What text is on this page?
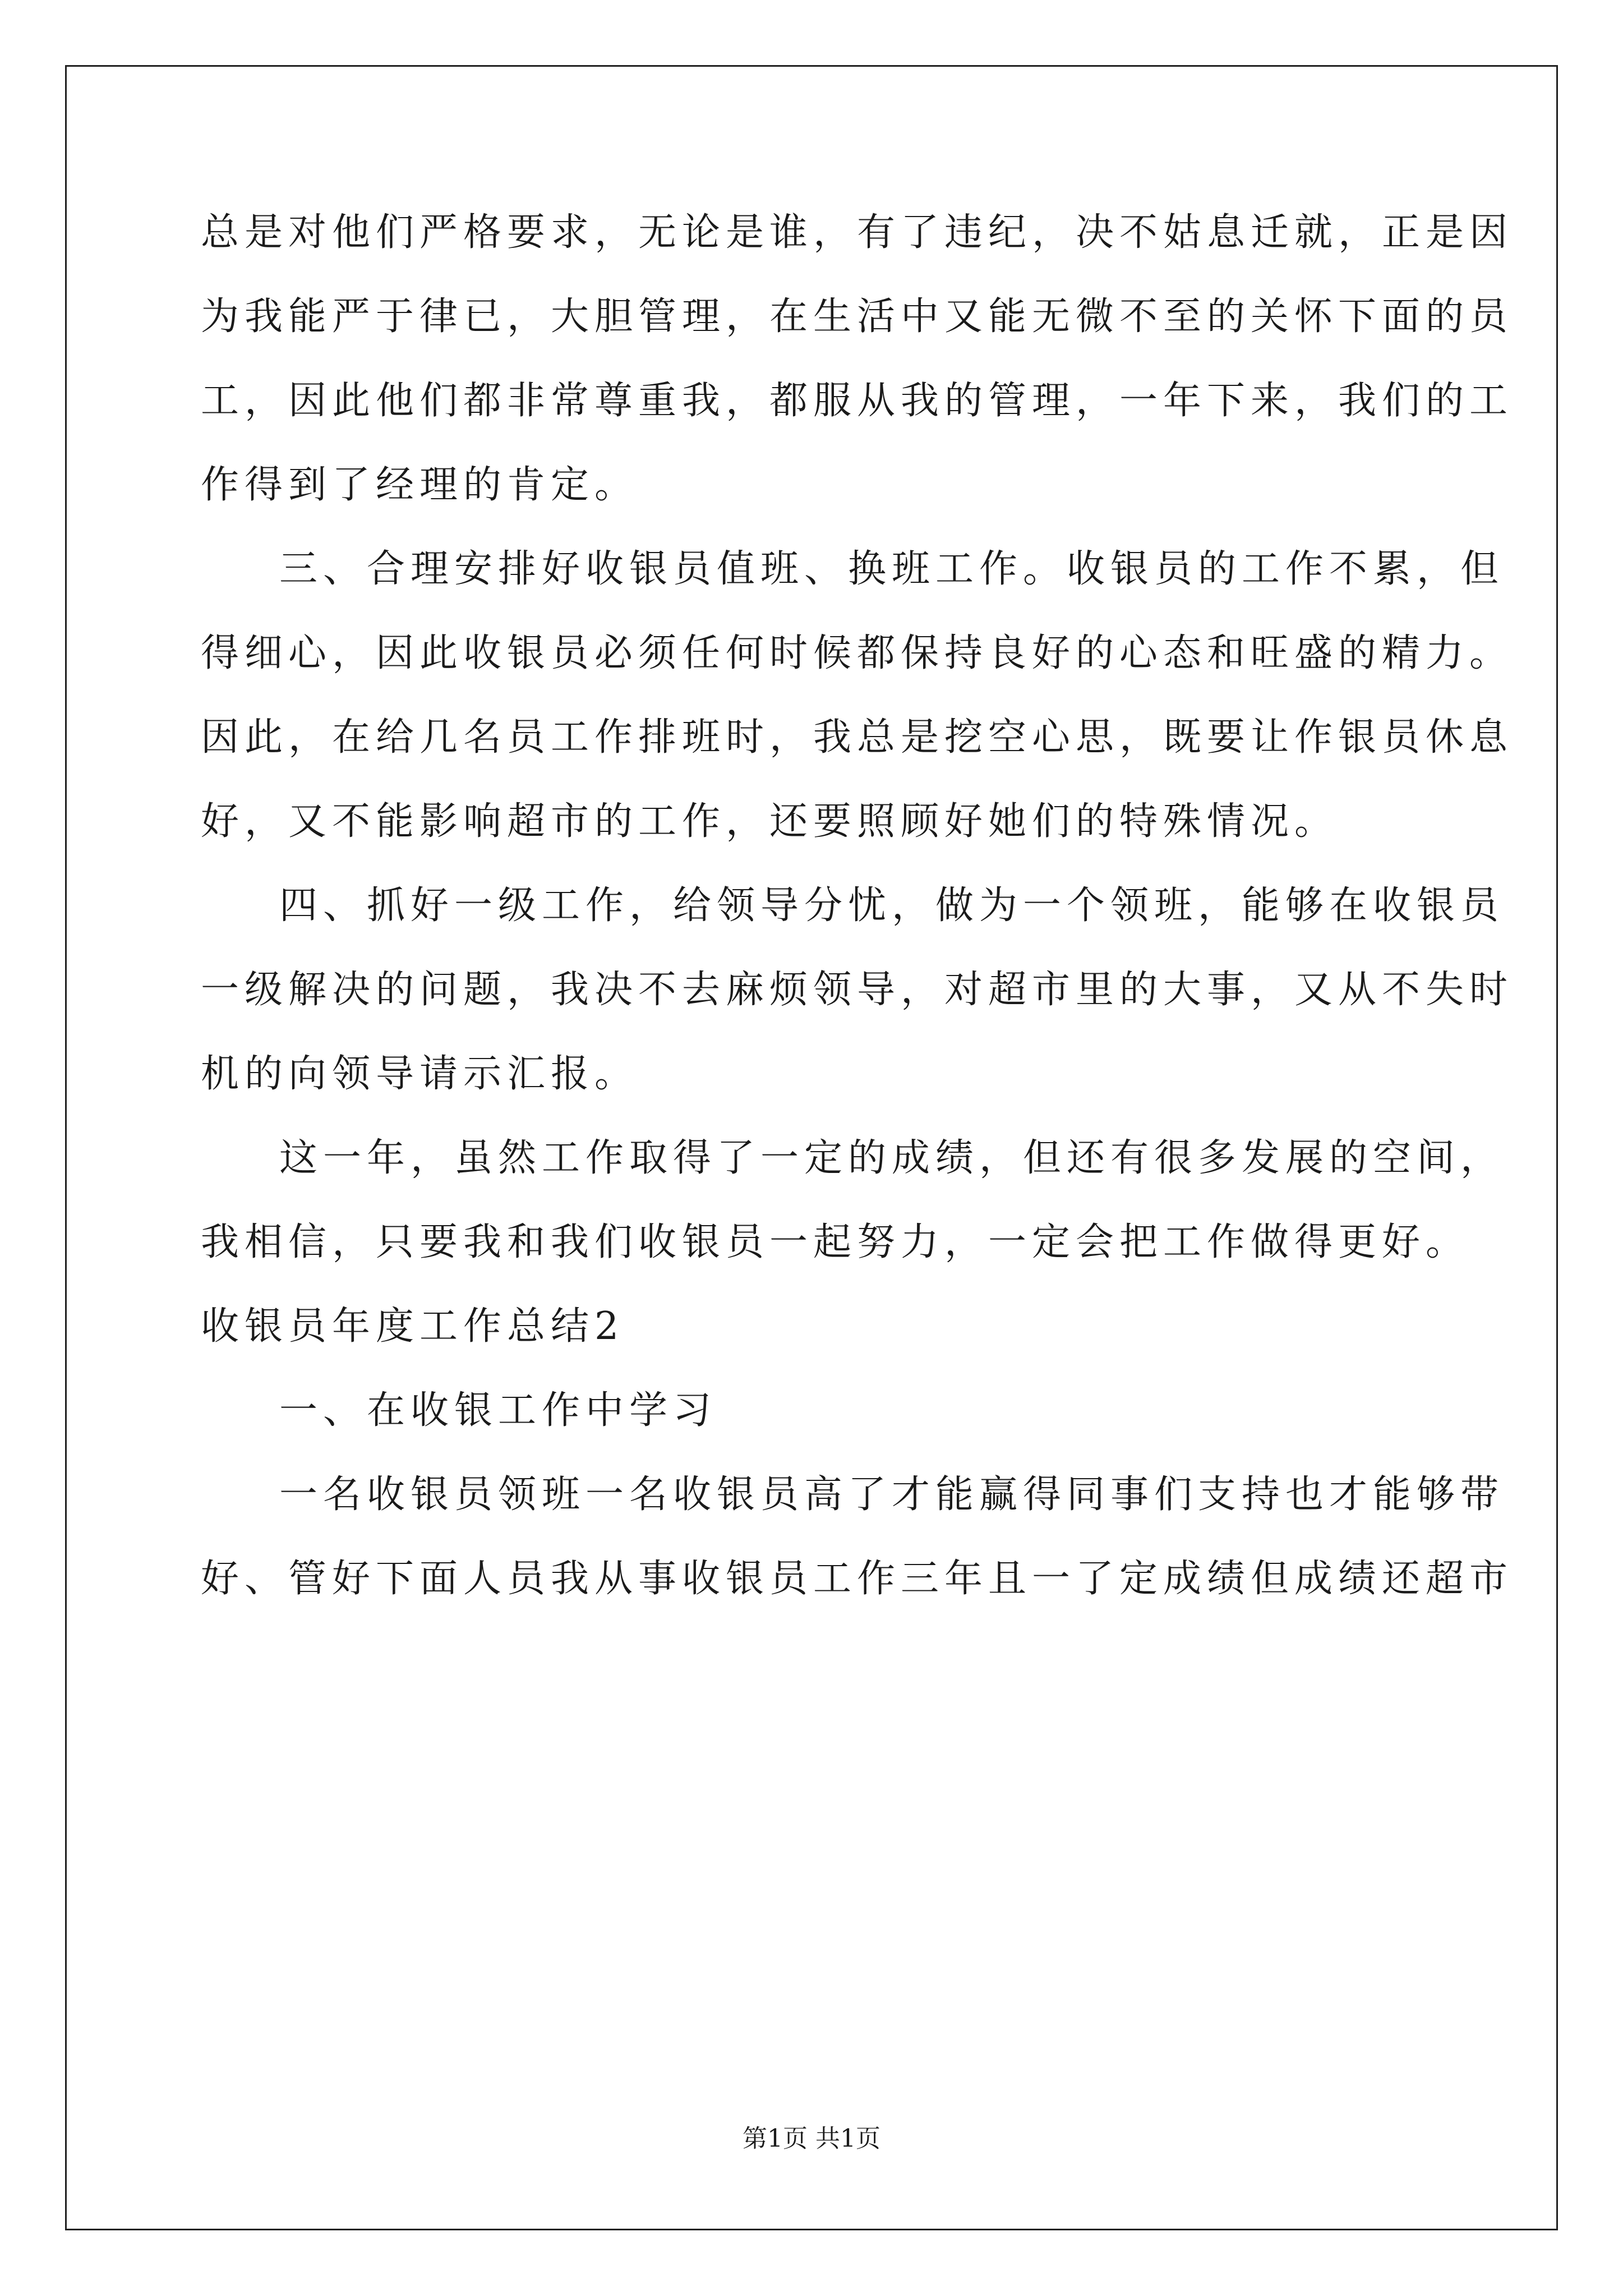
总是对他们严格要求，无论是谁，有了违纪，决不姑息迁就，正是因

为我能严于律已，大胆管理，在生活中又能无微不至的关怀下面的员

工，因此他们都非常尊重我，都服从我的管理，一年下来，我们的工

作得到了经理的肯定。

三、合理安排好收银员值班、换班工作。收银员的工作不累，但

得细心，因此收银员必须任何时候都保持良好的心态和旺盛的精力。

因此，在给几名员工作排班时，我总是挖空心思，既要让作银员休息

好，又不能影响超市的工作，还要照顾好她们的特殊情况。

四、抓好一级工作，给领导分忧，做为一个领班，能够在收银员

一级解决的问题，我决不去麻烦领导，对超市里的大事，又从不失时

机的向领导请示汇报。

这一年，虽然工作取得了一定的成绩，但还有很多发展的空间，

我相信，只要我和我们收银员一起努力，一定会把工作做得更好。

收银员年度工作总结2

一、在收银工作中学习

一名收银员领班一名收银员高了才能赢得同事们支持也才能够带

好、管好下面人员我从事收银员工作三年且一了定成绩但成绩还超市

第1页 共1页
